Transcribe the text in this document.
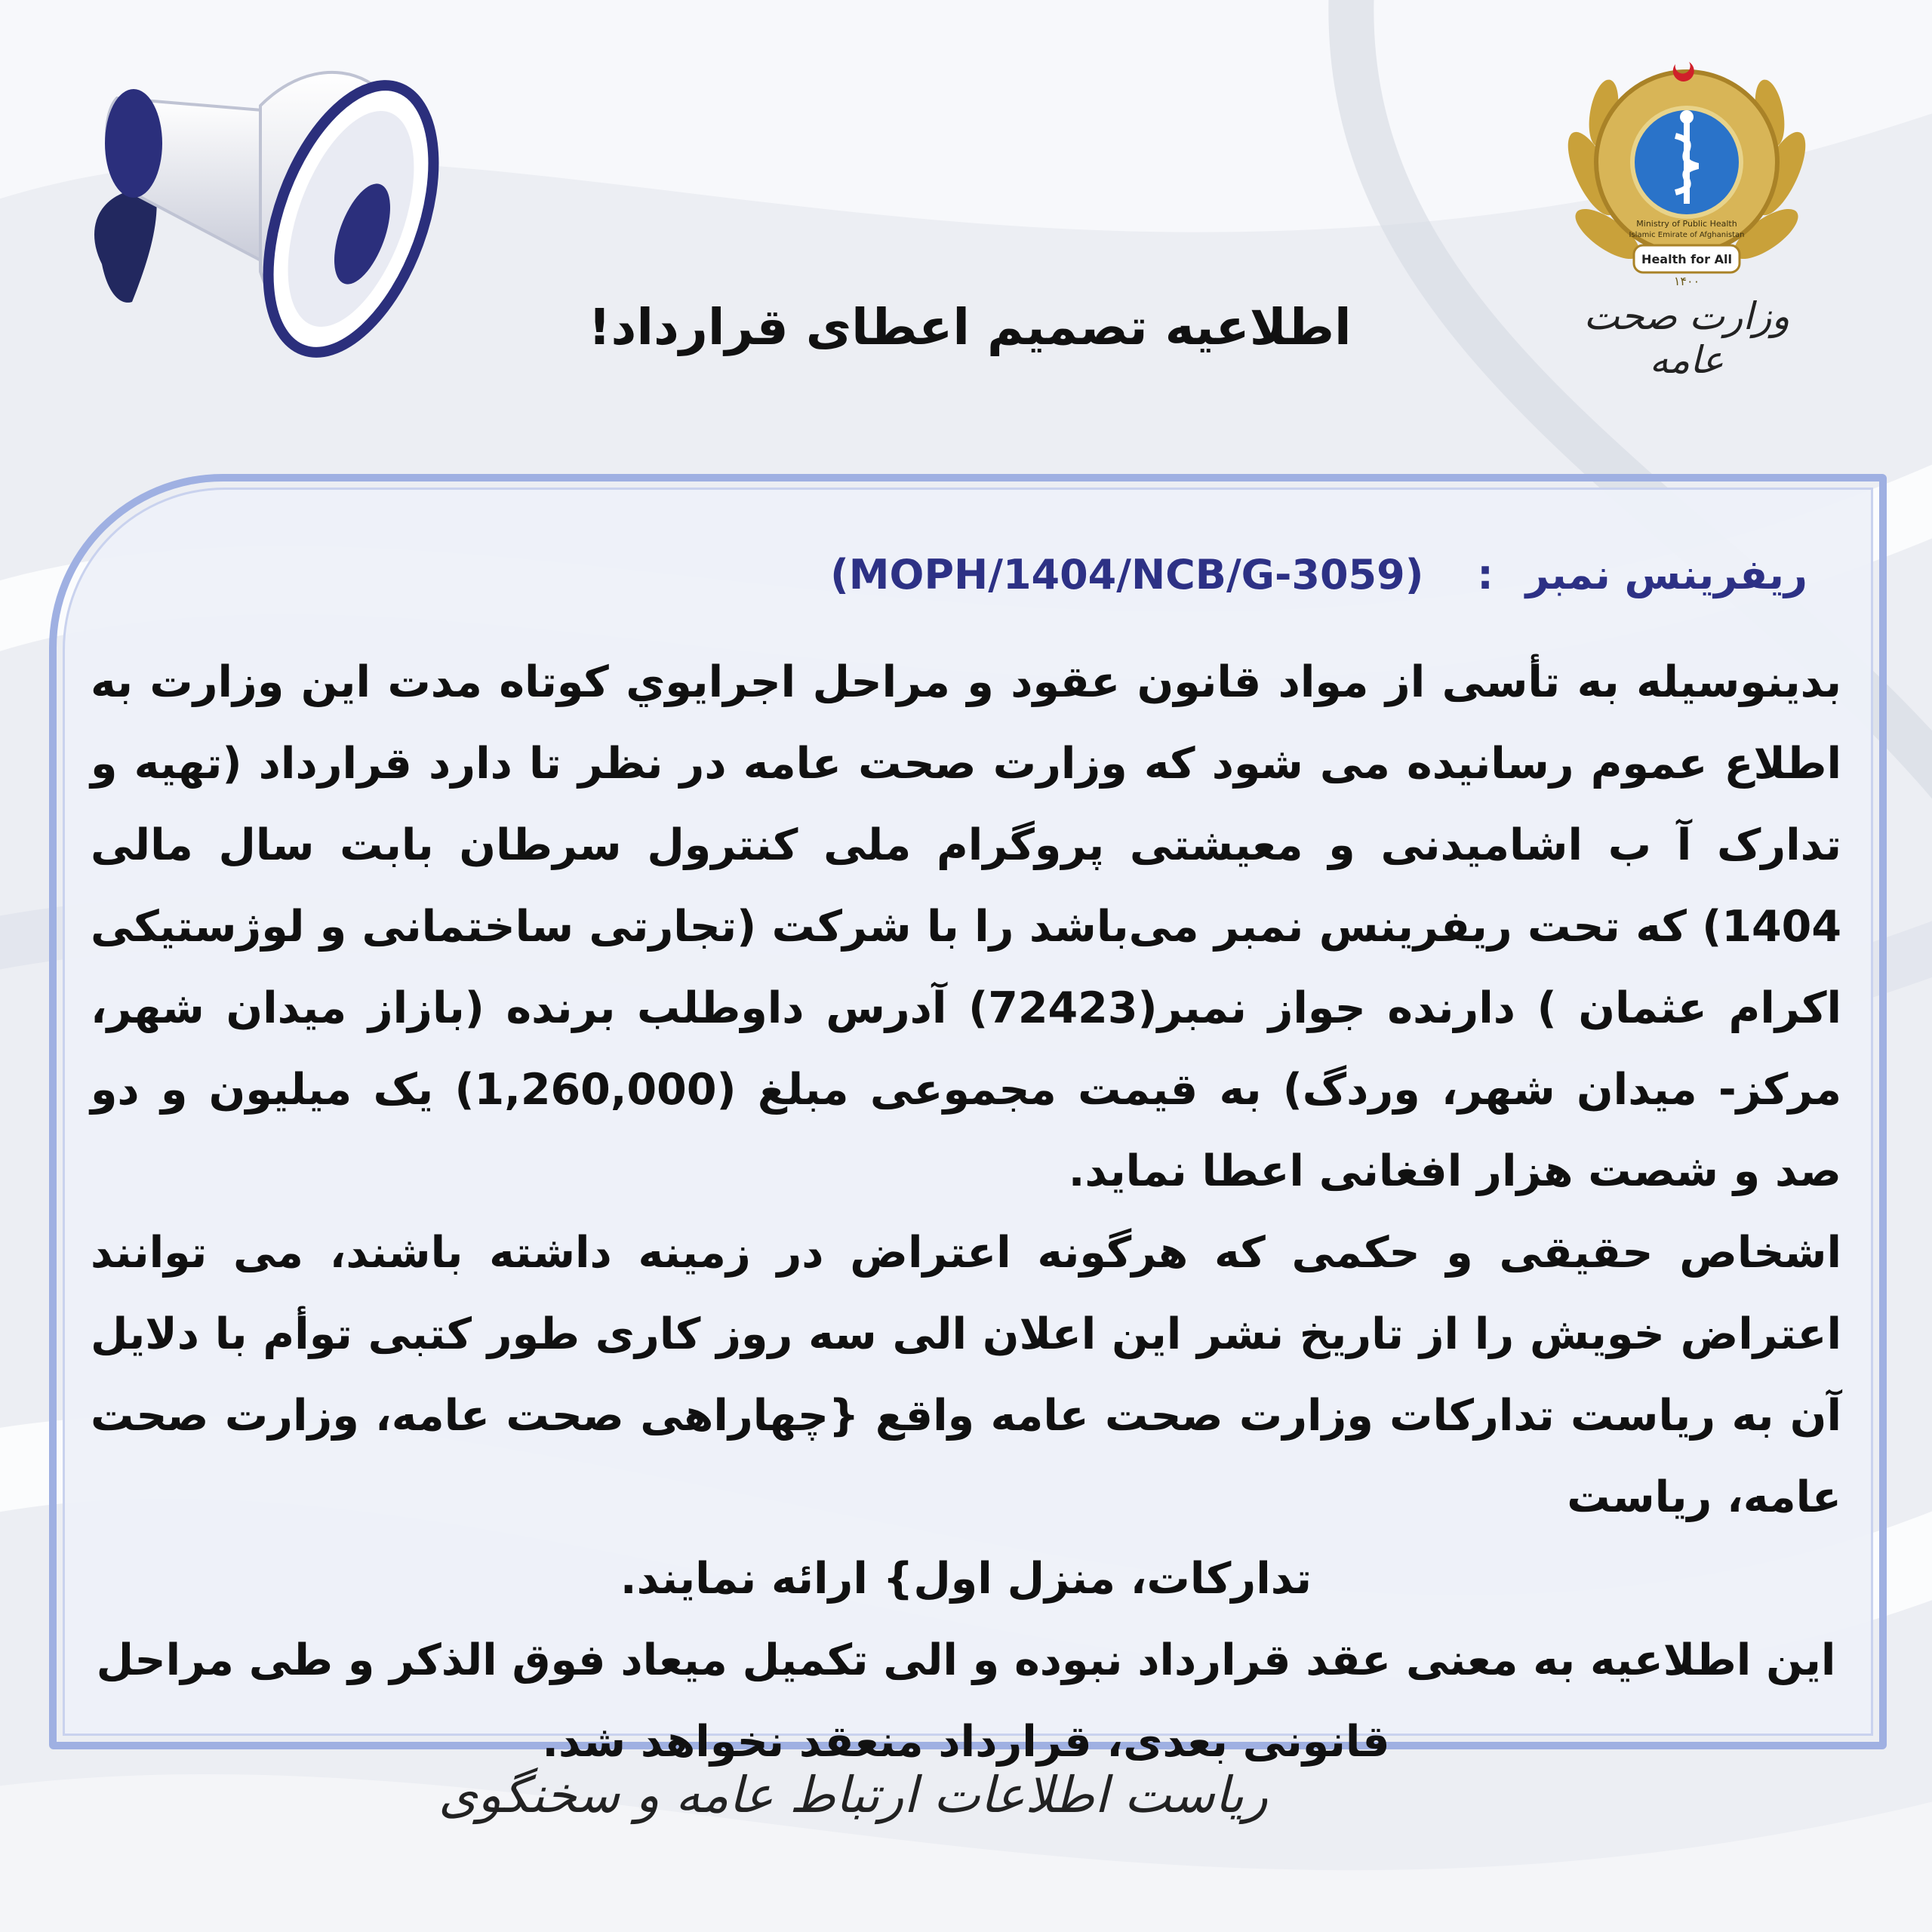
Health for All
۱۴۰۰
Ministry of Public Health
Islamic Emirate of Afghanistan
وزارت صحت عامه
اطلاعیه تصمیم اعطای قرارداد!
ریفرینس نمبر : (MOPH/1404/NCB/G-3059)

بدینوسیله به تأسی از مواد قانون عقود و مراحل اجرایوي کوتاه مدت این وزارت به اطلاع عموم رسانیده می شود که وزارت صحت عامه در نظر تا دارد قرارداد (تهیه و تدارک آ ب اشامیدنی و معیشتی پروگرام ملی کنترول سرطان بابت سال مالی 1404) که تحت ریفرینس نمبر می‌باشد را با شرکت (تجارتی ساختمانی و لوژستیکی اکرام عثمان ) دارنده جواز نمبر(72423) آدرس داوطلب برنده (بازاز میدان شهر، مرکز- میدان شهر، وردگ) به قیمت مجموعی مبلغ (1,260,000) یک میلیون و دو صد و شصت هزار افغانی اعطا نماید.

اشخاص حقیقی و حکمی که هرگونه اعتراض در زمینه داشته باشند، می توانند اعتراض خویش را از تاریخ نشر این اعلان الی سه روز کاری طور کتبی توأم با دلایل آن به ریاست تدارکات وزارت صحت عامه واقع {چهاراهی صحت عامه، وزارت صحت عامه، ریاست

تدارکات، منزل اول} ارائه نمایند.

این اطلاعیه به معنی عقد قرارداد نبوده و الی تکمیل میعاد فوق الذکر و طی مراحل قانونی بعدی، قرارداد منعقد نخواهد شد.

ریاست اطلاعات ارتباط عامه و سخنگوی
